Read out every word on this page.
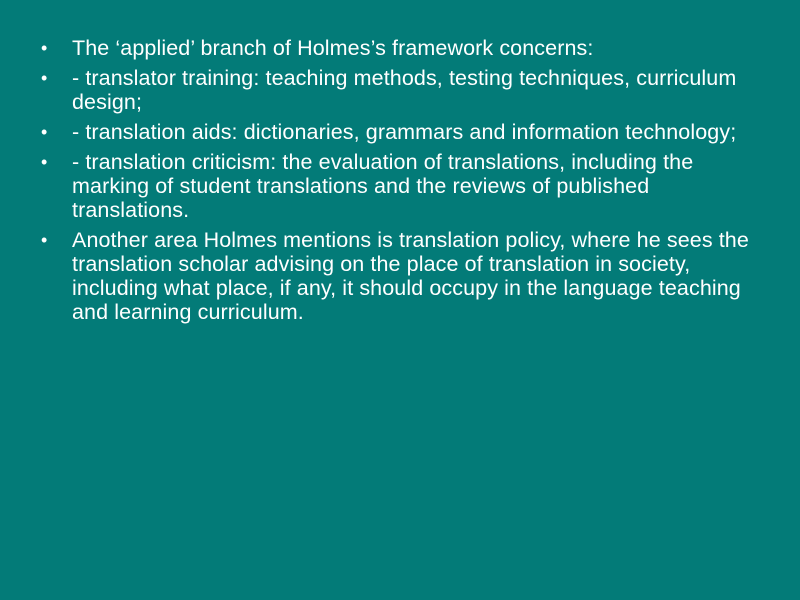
• The ‘applied’ branch of Holmes’s framework concerns:
• - translator training: teaching methods, testing techniques, curriculum design;
• - translation aids: dictionaries, grammars and information technology;
• - translation criticism: the evaluation of translations, including the marking of student translations and the reviews of published translations.
• Another area Holmes mentions is translation policy, where he sees the translation scholar advising on the place of translation in society, including what place, if any, it should occupy in the language teaching and learning curriculum.
